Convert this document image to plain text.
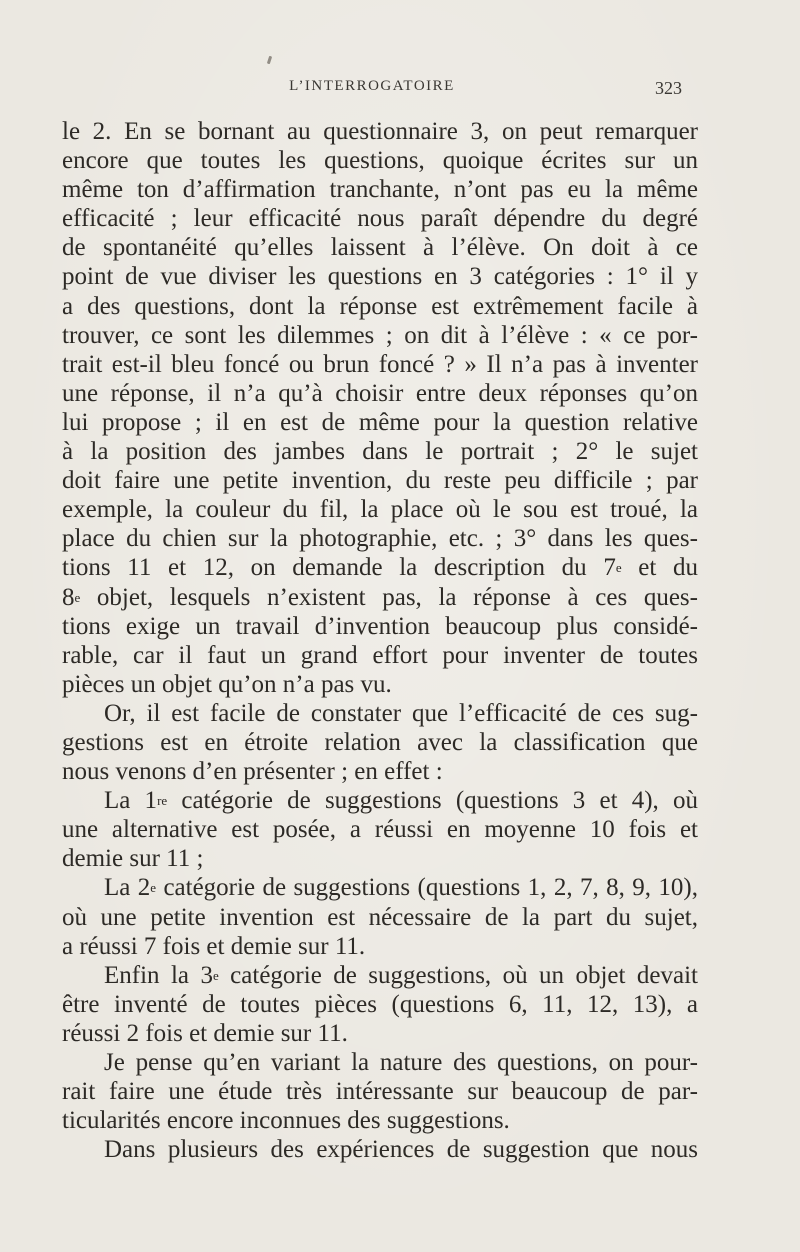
L’INTERROGATOIRE	323
le 2. En se bornant au questionnaire 3, on peut remarquer
encore que toutes les questions, quoique écrites sur un
même ton d’affirmation tranchante, n’ont pas eu la même
efficacité ; leur efficacité nous paraît dépendre du degré
de spontanéité qu’elles laissent à l’élève. On doit à ce
point de vue diviser les questions en 3 catégories : 1° il y
a des questions, dont la réponse est extrêmement facile à
trouver, ce sont les dilemmes ; on dit à l’élève : « ce por-
trait est-il bleu foncé ou brun foncé ? » Il n’a pas à inventer
une réponse, il n’a qu’à choisir entre deux réponses qu’on
lui propose ; il en est de même pour la question relative
à la position des jambes dans le portrait ; 2° le sujet
doit faire une petite invention, du reste peu difficile ; par
exemple, la couleur du fil, la place où le sou est troué, la
place du chien sur la photographie, etc. ; 3° dans les ques-
tions 11 et 12, on demande la description du 7e et du
8e objet, lesquels n’existent pas, la réponse à ces ques-
tions exige un travail d’invention beaucoup plus considé-
rable, car il faut un grand effort pour inventer de toutes
pièces un objet qu’on n’a pas vu.
Or, il est facile de constater que l’efficacité de ces sug-
gestions est en étroite relation avec la classification que
nous venons d’en présenter ; en effet :
La 1re catégorie de suggestions (questions 3 et 4), où
une alternative est posée, a réussi en moyenne 10 fois et
demie sur 11 ;
La 2e catégorie de suggestions (questions 1, 2, 7, 8, 9, 10),
où une petite invention est nécessaire de la part du sujet,
a réussi 7 fois et demie sur 11.
Enfin la 3e catégorie de suggestions, où un objet devait
être inventé de toutes pièces (questions 6, 11, 12, 13), a
réussi 2 fois et demie sur 11.
Je pense qu’en variant la nature des questions, on pour-
rait faire une étude très intéressante sur beaucoup de par-
ticularités encore inconnues des suggestions.
Dans plusieurs des expériences de suggestion que nous
